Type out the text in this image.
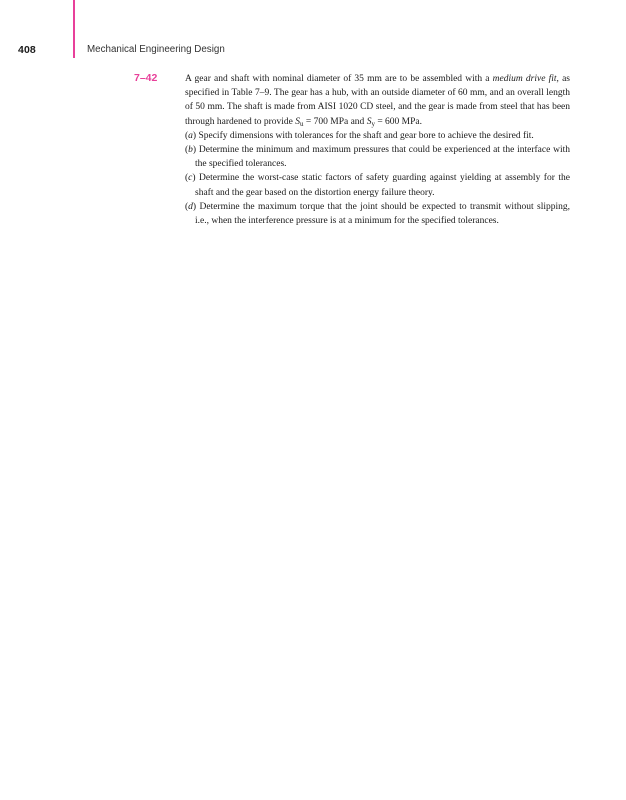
408	Mechanical Engineering Design
7–42	A gear and shaft with nominal diameter of 35 mm are to be assembled with a medium drive fit, as specified in Table 7–9. The gear has a hub, with an outside diameter of 60 mm, and an overall length of 50 mm. The shaft is made from AISI 1020 CD steel, and the gear is made from steel that has been through hardened to provide $S_u = 700$ MPa and $S_y = 600$ MPa.

(a) Specify dimensions with tolerances for the shaft and gear bore to achieve the desired fit.
(b) Determine the minimum and maximum pressures that could be experienced at the interface with the specified tolerances.
(c) Determine the worst-case static factors of safety guarding against yielding at assembly for the shaft and the gear based on the distortion energy failure theory.
(d) Determine the maximum torque that the joint should be expected to transmit without slipping, i.e., when the interference pressure is at a minimum for the specified tolerances.
